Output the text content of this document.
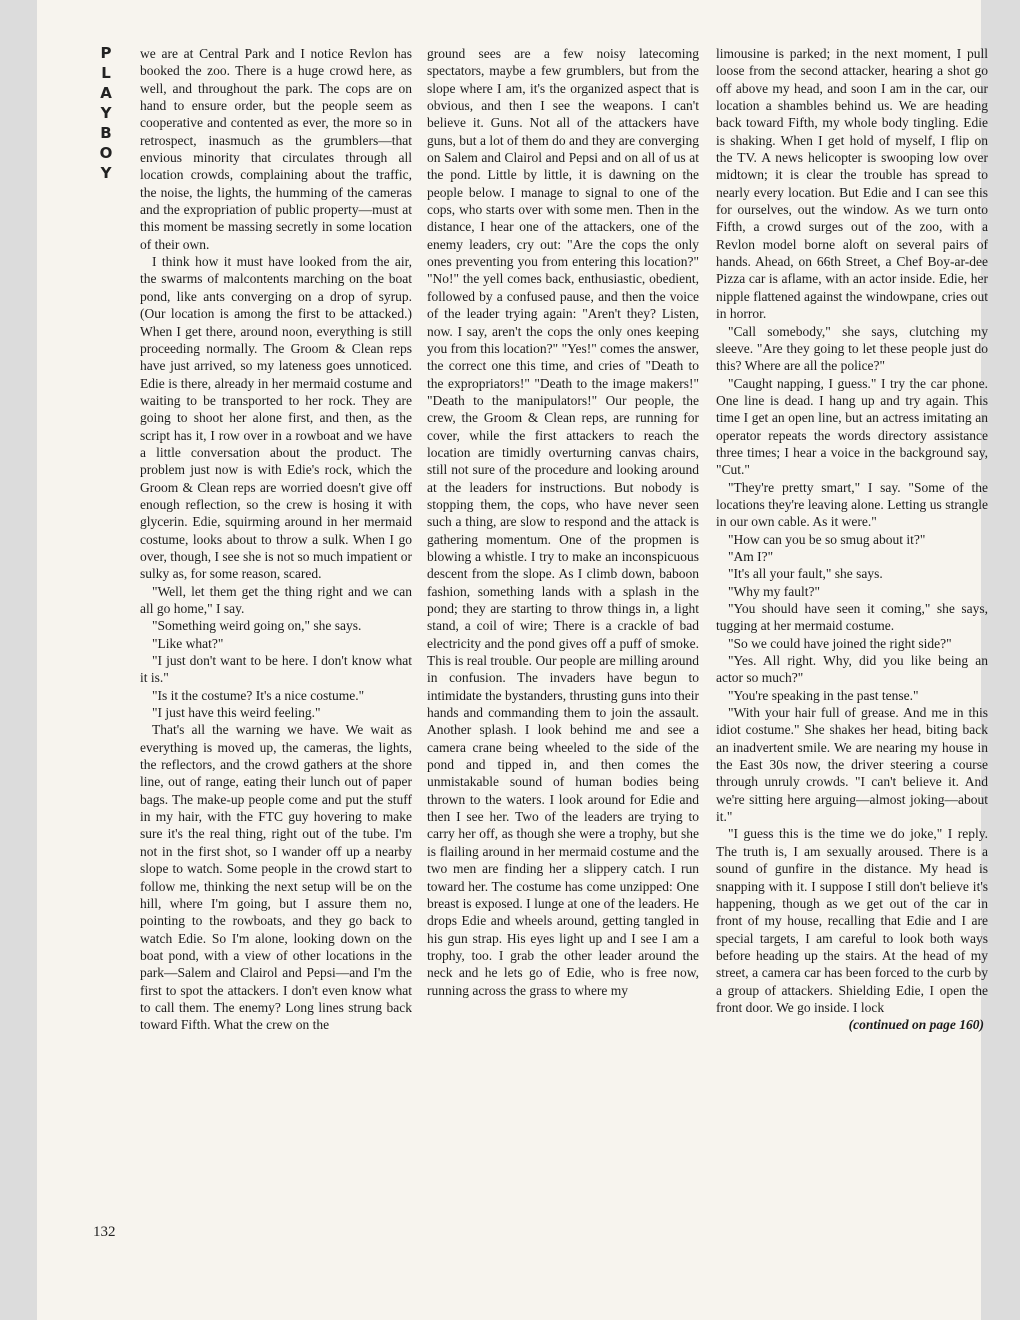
PLAYBOY
132

we are at Central Park and I notice Revlon has booked the zoo. There is a huge crowd here, as well, and throughout the park. The cops are on hand to ensure order, but the people seem as cooperative and contented as ever, the more so in retrospect, inasmuch as the grumblers—that envious minority that circulates through all location crowds, complaining about the traffic, the noise, the lights, the humming of the cameras and the expropriation of public property—must at this moment be massing secretly in some location of their own.

I think how it must have looked from the air, the swarms of malcontents marching on the boat pond, like ants converging on a drop of syrup. (Our location is among the first to be attacked.) When I get there, around noon, everything is still proceeding normally. The Groom & Clean reps have just arrived, so my lateness goes unnoticed. Edie is there, already in her mermaid costume and waiting to be transported to her rock. They are going to shoot her alone first, and then, as the script has it, I row over in a rowboat and we have a little conversation about the product. The problem just now is with Edie's rock, which the Groom & Clean reps are worried doesn't give off enough reflection, so the crew is hosing it with glycerin. Edie, squirming around in her mermaid costume, looks about to throw a sulk. When I go over, though, I see she is not so much impatient or sulky as, for some reason, scared.

"Well, let them get the thing right and we can all go home," I say.

"Something weird going on," she says.

"Like what?"

"I just don't want to be here. I don't know what it is."

"Is it the costume? It's a nice costume."

"I just have this weird feeling."

That's all the warning we have. We wait as everything is moved up, the cameras, the lights, the reflectors, and the crowd gathers at the shore line, out of range, eating their lunch out of paper bags. The make-up people come and put the stuff in my hair, with the FTC guy hovering to make sure it's the real thing, right out of the tube. I'm not in the first shot, so I wander off up a nearby slope to watch. Some people in the crowd start to follow me, thinking the next setup will be on the hill, where I'm going, but I assure them no, pointing to the rowboats, and they go back to watch Edie. So I'm alone, looking down on the boat pond, with a view of other locations in the park—Salem and Clairol and Pepsi—and I'm the first to spot the attackers. I don't even know what to call them. The enemy? Long lines strung back toward Fifth. What the crew on the

ground sees are a few noisy latecoming spectators, maybe a few grumblers, but from the slope where I am, it's the organized aspect that is obvious, and then I see the weapons. I can't believe it. Guns. Not all of the attackers have guns, but a lot of them do and they are converging on Salem and Clairol and Pepsi and on all of us at the pond. Little by little, it is dawning on the people below. I manage to signal to one of the cops, who starts over with some men. Then in the distance, I hear one of the attackers, one of the enemy leaders, cry out: "Are the cops the only ones preventing you from entering this location?" "No!" the yell comes back, enthusiastic, obedient, followed by a confused pause, and then the voice of the leader trying again: "Aren't they? Listen, now. I say, aren't the cops the only ones keeping you from this location?" "Yes!" comes the answer, the correct one this time, and cries of "Death to the expropriators!" "Death to the image makers!" "Death to the manipulators!" Our people, the crew, the Groom & Clean reps, are running for cover, while the first attackers to reach the location are timidly overturning canvas chairs, still not sure of the procedure and looking around at the leaders for instructions. But nobody is stopping them, the cops, who have never seen such a thing, are slow to respond and the attack is gathering momentum. One of the propmen is blowing a whistle. I try to make an inconspicuous descent from the slope. As I climb down, baboon fashion, something lands with a splash in the pond; they are starting to throw things in, a light stand, a coil of wire; There is a crackle of bad electricity and the pond gives off a puff of smoke. This is real trouble. Our people are milling around in confusion. The invaders have begun to intimidate the bystanders, thrusting guns into their hands and commanding them to join the assault. Another splash. I look behind me and see a camera crane being wheeled to the side of the pond and tipped in, and then comes the unmistakable sound of human bodies being thrown to the waters. I look around for Edie and then I see her. Two of the leaders are trying to carry her off, as though she were a trophy, but she is flailing around in her mermaid costume and the two men are finding her a slippery catch. I run toward her. The costume has come unzipped: One breast is exposed. I lunge at one of the leaders. He drops Edie and wheels around, getting tangled in his gun strap. His eyes light up and I see I am a trophy, too. I grab the other leader around the neck and he lets go of Edie, who is free now, running across the grass to where my

limousine is parked; in the next moment, I pull loose from the second attacker, hearing a shot go off above my head, and soon I am in the car, our location a shambles behind us. We are heading back toward Fifth, my whole body tingling. Edie is shaking. When I get hold of myself, I flip on the TV. A news helicopter is swooping low over midtown; it is clear the trouble has spread to nearly every location. But Edie and I can see this for ourselves, out the window. As we turn onto Fifth, a crowd surges out of the zoo, with a Revlon model borne aloft on several pairs of hands. Ahead, on 66th Street, a Chef Boy-ar-dee Pizza car is aflame, with an actor inside. Edie, her nipple flattened against the windowpane, cries out in horror.

"Call somebody," she says, clutching my sleeve. "Are they going to let these people just do this? Where are all the police?"

"Caught napping, I guess." I try the car phone. One line is dead. I hang up and try again. This time I get an open line, but an actress imitating an operator repeats the words directory assistance three times; I hear a voice in the background say, "Cut."

"They're pretty smart," I say. "Some of the locations they're leaving alone. Letting us strangle in our own cable. As it were."

"How can you be so smug about it?"

"Am I?"

"It's all your fault," she says.

"Why my fault?"

"You should have seen it coming," she says, tugging at her mermaid costume.

"So we could have joined the right side?"

"Yes. All right. Why, did you like being an actor so much?"

"You're speaking in the past tense."

"With your hair full of grease. And me in this idiot costume." She shakes her head, biting back an inadvertent smile. We are nearing my house in the East 30s now, the driver steering a course through unruly crowds. "I can't believe it. And we're sitting here arguing—almost joking—about it."

"I guess this is the time we do joke," I reply. The truth is, I am sexually aroused. There is a sound of gunfire in the distance. My head is snapping with it. I suppose I still don't believe it's happening, though as we get out of the car in front of my house, recalling that Edie and I are special targets, I am careful to look both ways before heading up the stairs. At the head of my street, a camera car has been forced to the curb by a group of attackers. Shielding Edie, I open the front door. We go inside. I lock

(continued on page 160)
